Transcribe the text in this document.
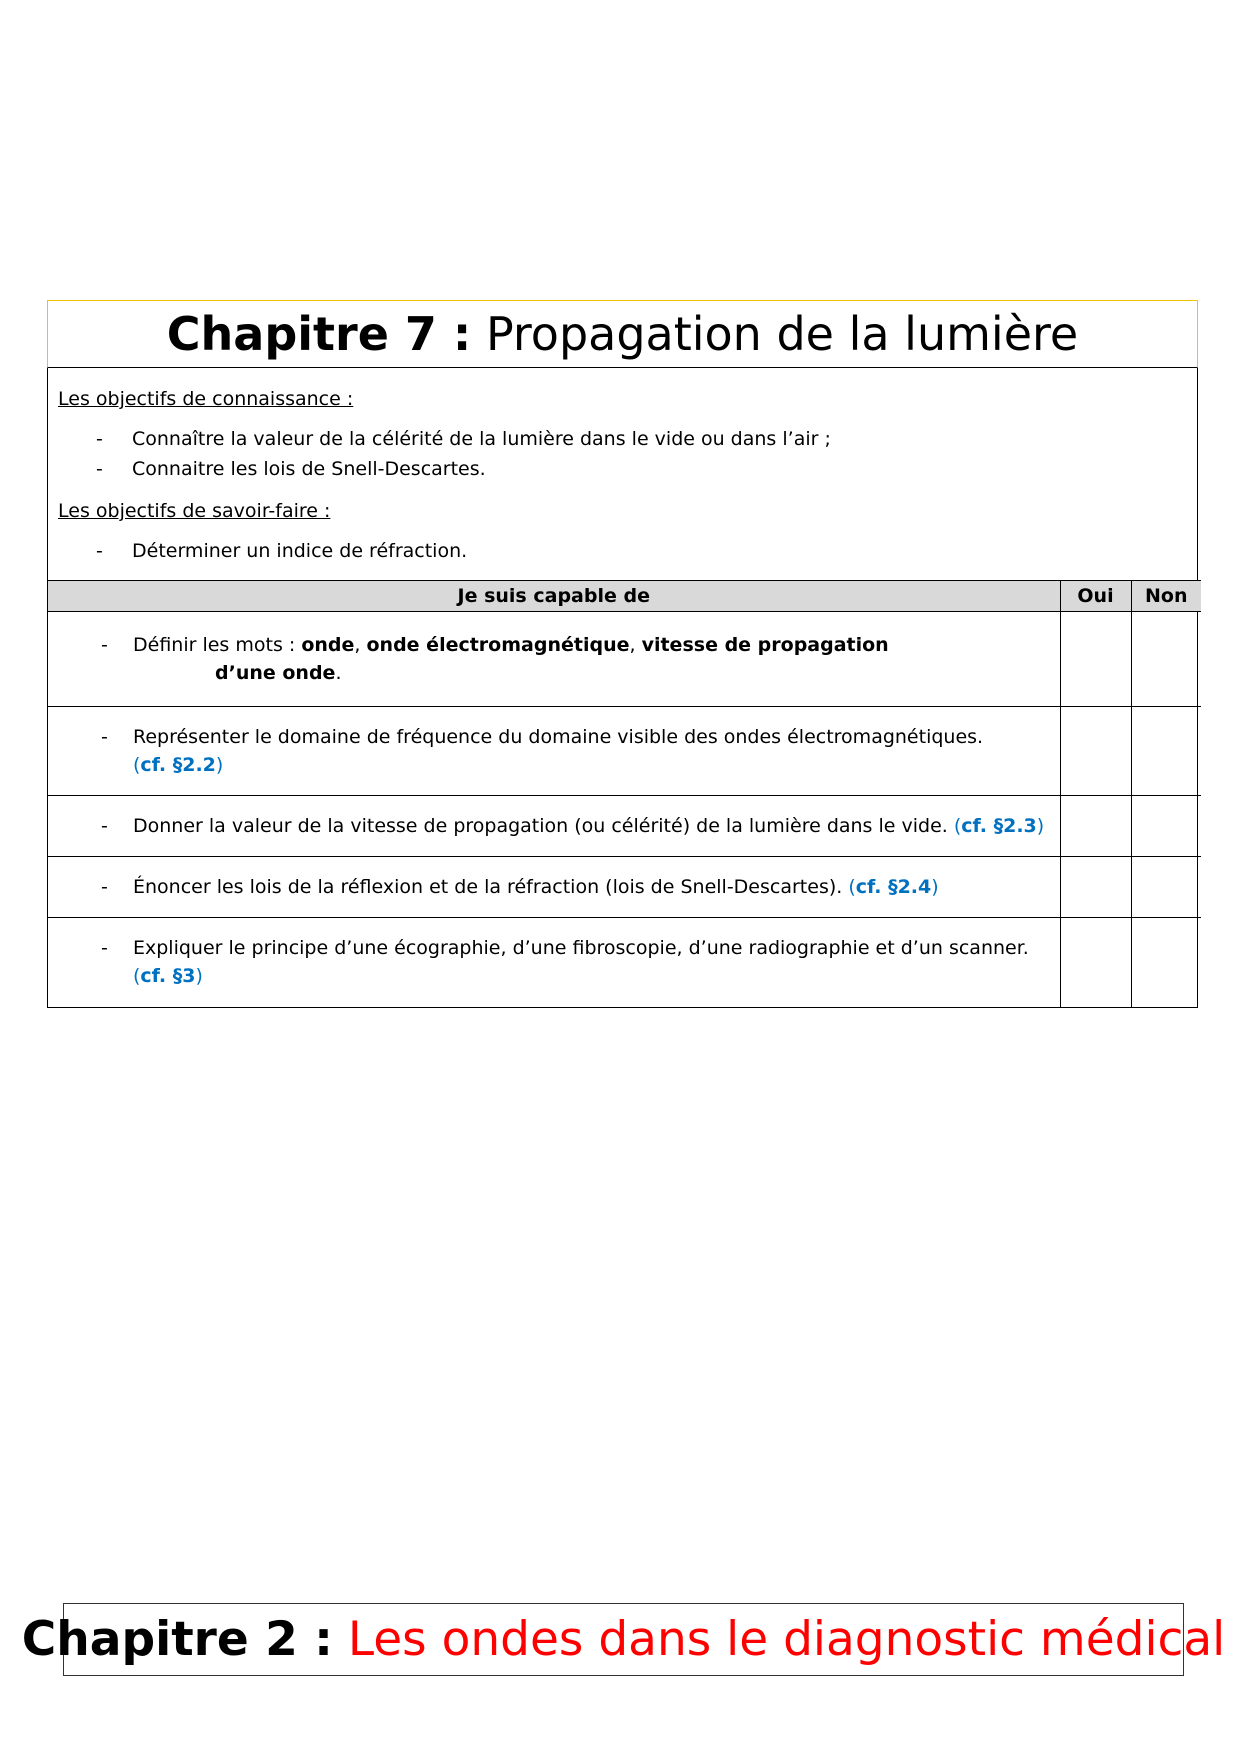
Chapitre 7 :
Propagation de la lumière

Les objectifs de connaissance :

- Connaître la valeur de la célérité de la lumière dans le vide ou dans l’air ;
- Connaitre les lois de Snell-Descartes.

Les objectifs de savoir-faire :

- Déterminer un indice de réfraction.
Je suis capable de	Oui	Non

- Définir les mots : onde, onde électromagnétique, vitesse de propagation
d’une onde.

- Représenter le domaine de fréquence du domaine visible des ondes électromagnétiques.
(cf. §2.2)

- Donner la valeur de la vitesse de propagation (ou célérité) de la lumière dans le vide. (cf. §2.3)

- Énoncer les lois de la réflexion et de la réfraction (lois de Snell-Descartes). (cf. §2.4)

- Expliquer le principe d’une écographie, d’une fibroscopie, d’une radiographie et d’un scanner.
(cf. §3)

Chapitre 2 :
Les ondes dans le diagnostic médical
